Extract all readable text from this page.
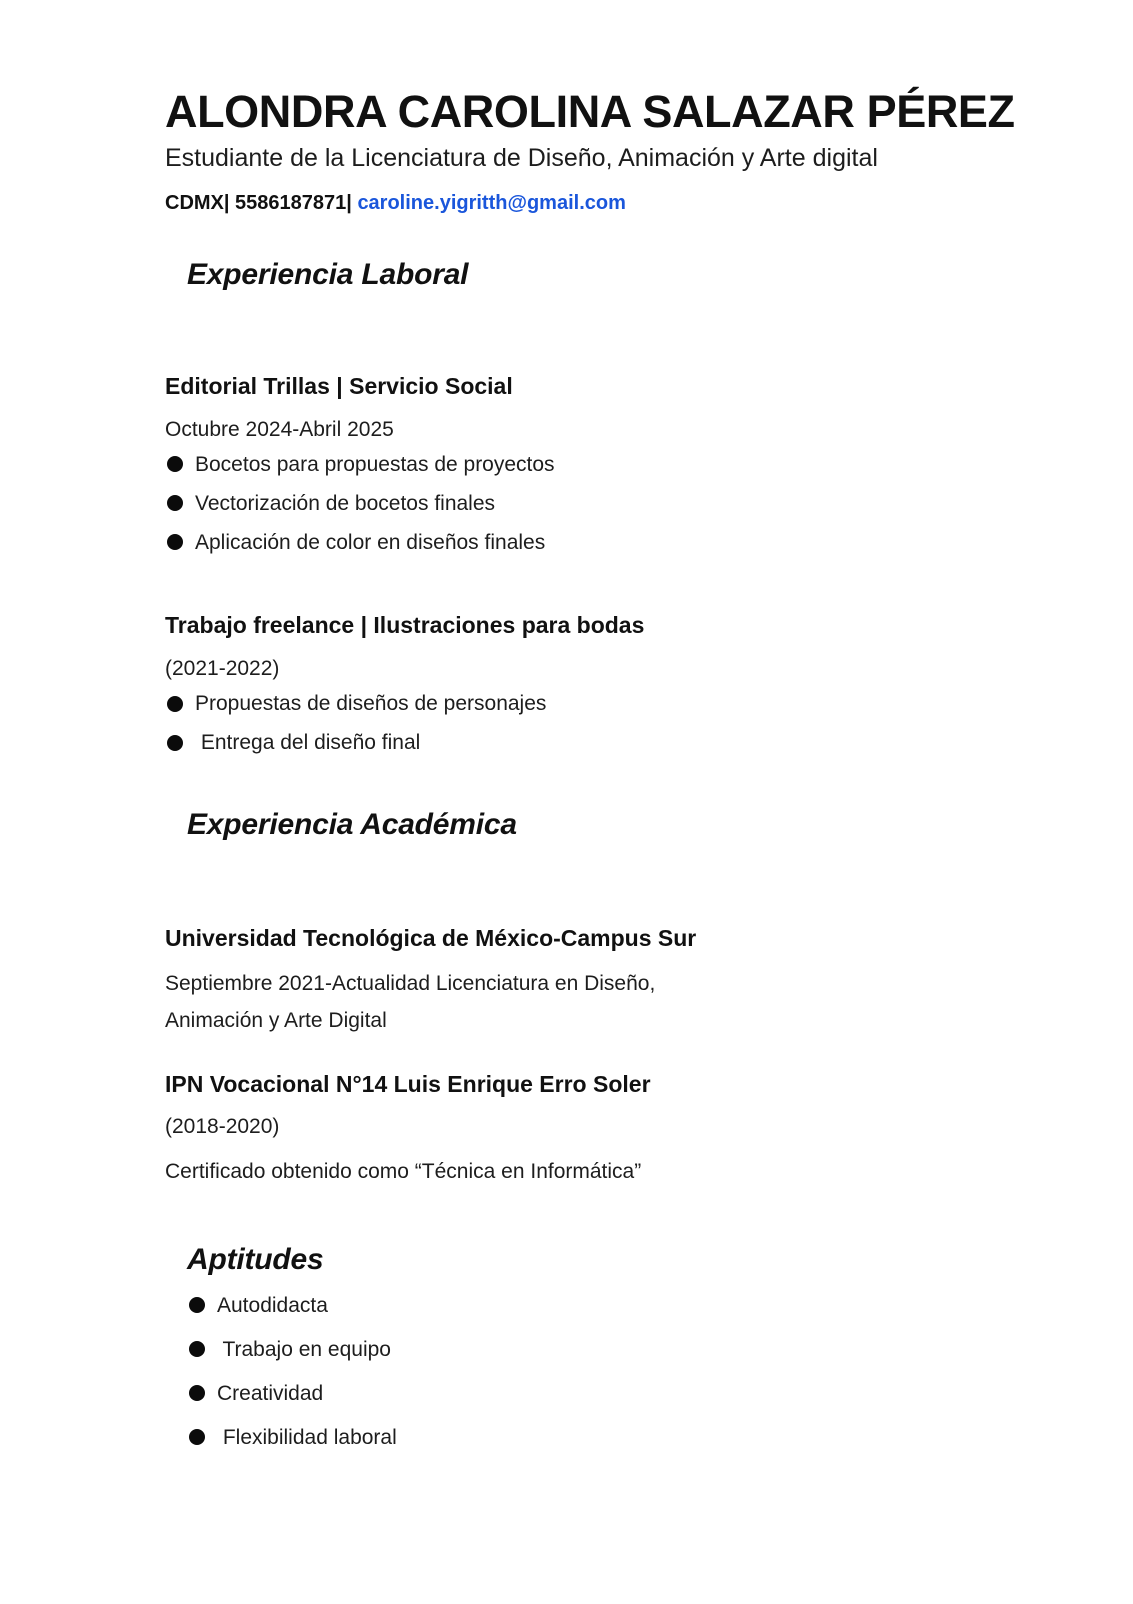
ALONDRA CAROLINA SALAZAR PÉREZ

Estudiante de la Licenciatura de Diseño, Animación y Arte digital

CDMX| 5586187871| caroline.yigritth@gmail.com

Experiencia Laboral
Editorial Trillas | Servicio Social

Octubre 2024-Abril 2025

Bocetos para propuestas de proyectos
Vectorización de bocetos finales
Aplicación de color en diseños finales
Trabajo freelance | Ilustraciones para bodas

(2021-2022)

Propuestas de diseños de personajes
Entrega del diseño final
Experiencia Académica
Universidad Tecnológica de México-Campus Sur

Septiembre 2021-Actualidad Licenciatura en Diseño, Animación y Arte Digital

IPN Vocacional N°14 Luis Enrique Erro Soler

(2018-2020)

Certificado obtenido como “Técnica en Informática”

Aptitudes
Autodidacta
Trabajo en equipo
Creatividad
Flexibilidad laboral
